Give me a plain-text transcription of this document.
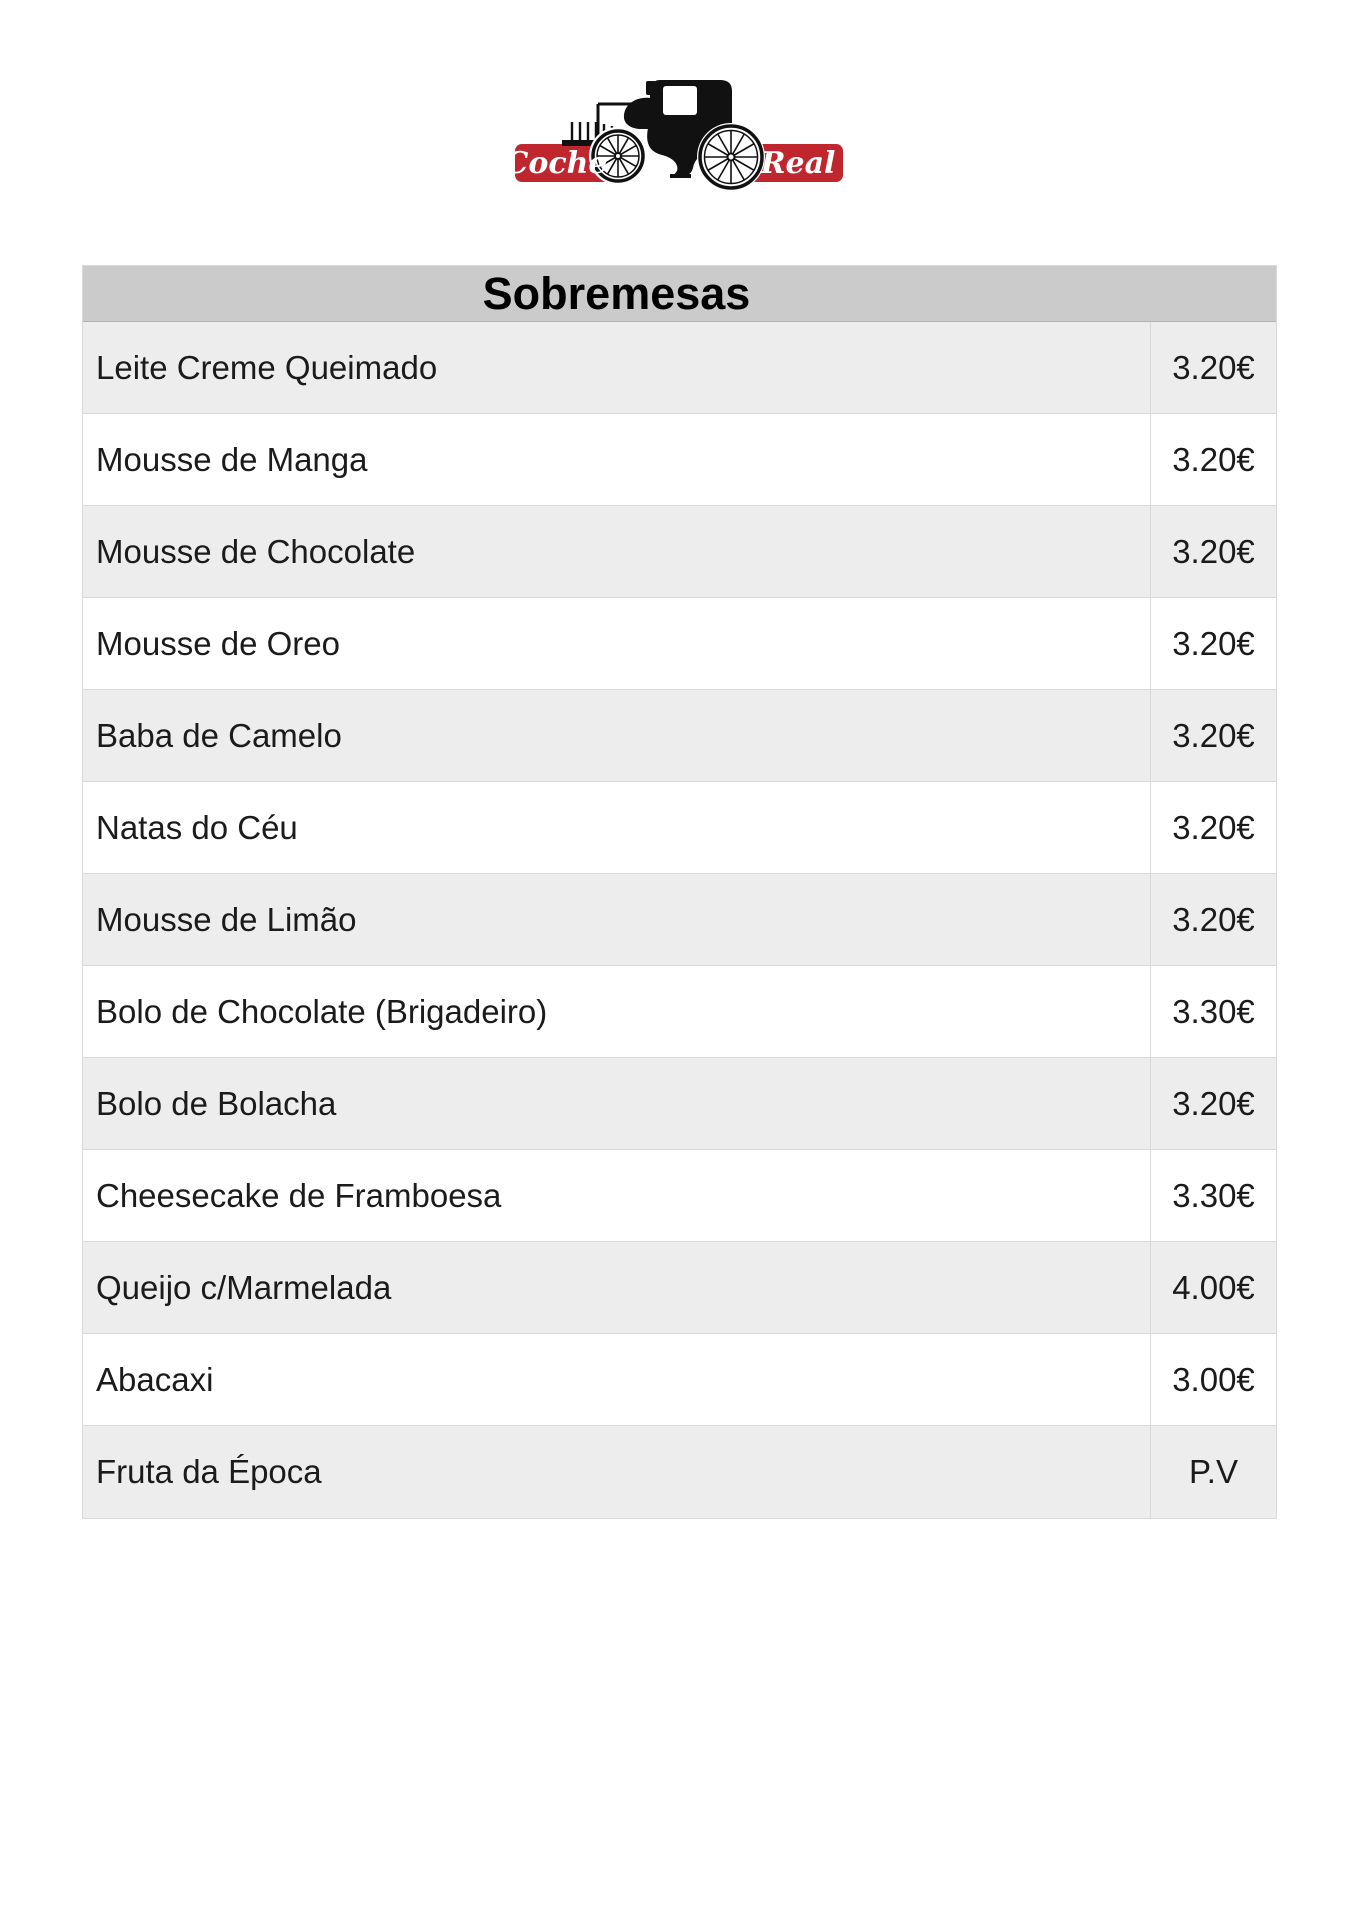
Coche	Real
Sobremesas
Leite Creme Queimado	3.20€
Mousse de Manga	3.20€
Mousse de Chocolate	3.20€
Mousse de Oreo	3.20€
Baba de Camelo	3.20€
Natas do Céu	3.20€
Mousse de Limão	3.20€
Bolo de Chocolate (Brigadeiro)	3.30€
Bolo de Bolacha	3.20€
Cheesecake de Framboesa	3.30€
Queijo c/Marmelada	4.00€
Abacaxi	3.00€
Fruta da Época	P.V
